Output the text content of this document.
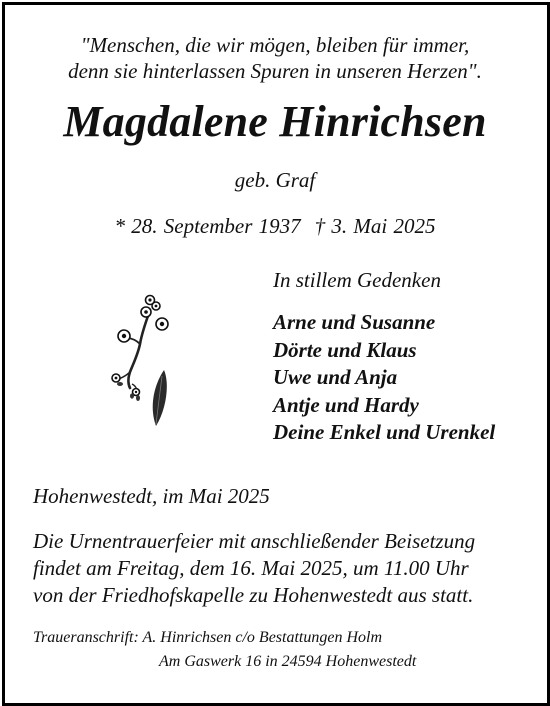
"Menschen, die wir mögen, bleiben für immer,
denn sie hinterlassen Spuren in unseren Herzen".
Magdalene Hinrichsen
geb. Graf
* 28. September 1937 † 3. Mai 2025
In stillem Gedenken
Arne und Susanne
Dörte und Klaus
Uwe und Anja
Antje und Hardy
Deine Enkel und Urenkel
Hohenwestedt, im Mai 2025
Die Urnentrauerfeier mit anschließender Beisetzung
findet am Freitag, dem 16. Mai 2025, um 11.00 Uhr
von der Friedhofskapelle zu Hohenwestedt aus statt.
Traueranschrift: A. Hinrichsen c/o Bestattungen Holm
Am Gaswerk 16 in 24594 Hohenwestedt
